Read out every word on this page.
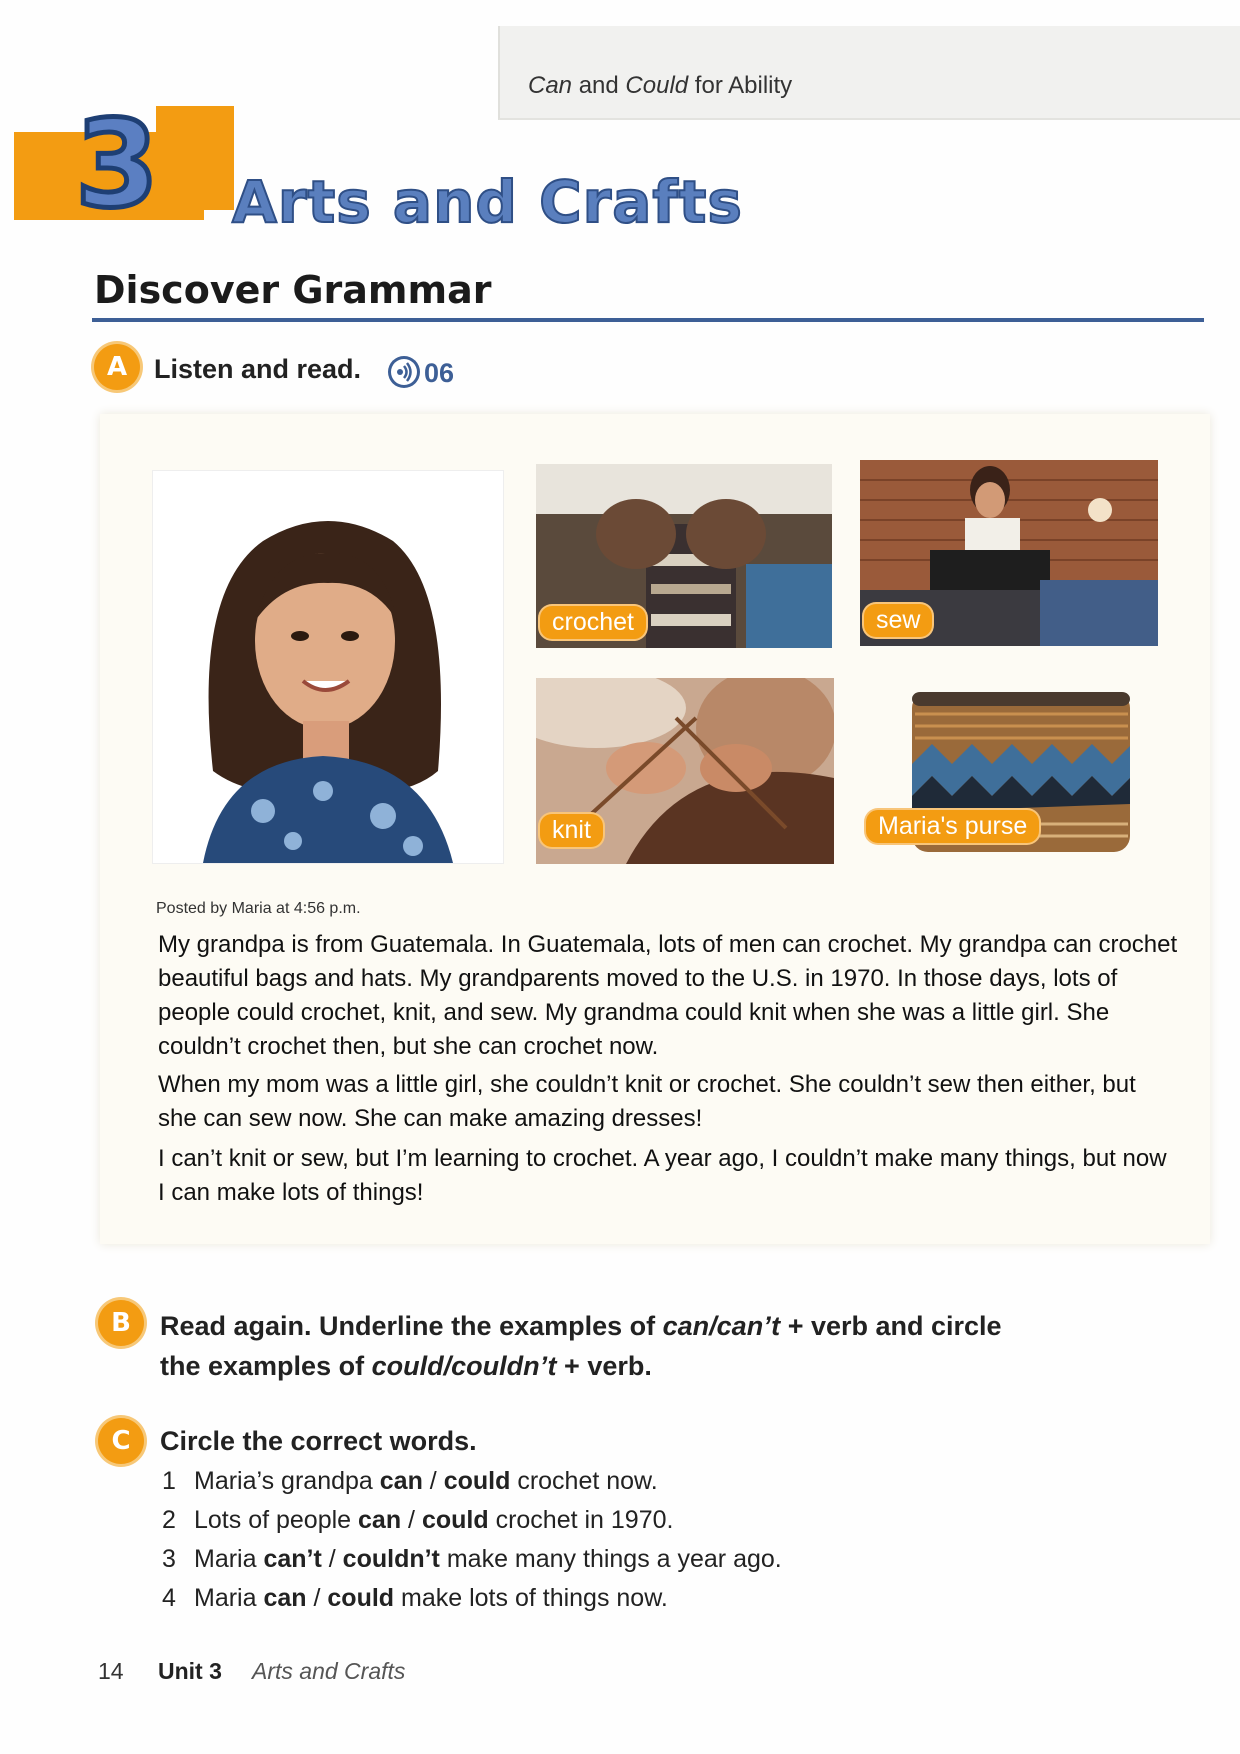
Can and Could for Ability
3 Arts and Crafts
Discover Grammar
A Listen and read. 06
crochet	sew
knit	Maria's purse
Posted by Maria at 4:56 p.m.
My grandpa is from Guatemala. In Guatemala, lots of men can crochet. My grandpa can crochet beautiful bags and hats. My grandparents moved to the U.S. in 1970. In those days, lots of people could crochet, knit, and sew. My grandma could knit when she was a little girl. She couldn’t crochet then, but she can crochet now.
When my mom was a little girl, she couldn’t knit or crochet. She couldn’t sew then either, but she can sew now. She can make amazing dresses!
I can’t knit or sew, but I’m learning to crochet. A year ago, I couldn’t make many things, but now I can make lots of things!
B	Read again. Underline the examples of can/can’t + verb and circle
the examples of could/couldn’t + verb.
C	Circle the correct words.
1 Maria’s grandpa can / could crochet now.
2 Lots of people can / could crochet in 1970.
3 Maria can’t / couldn’t make many things a year ago.
4 Maria can / could make lots of things now.
14 Unit 3 Arts and Crafts
